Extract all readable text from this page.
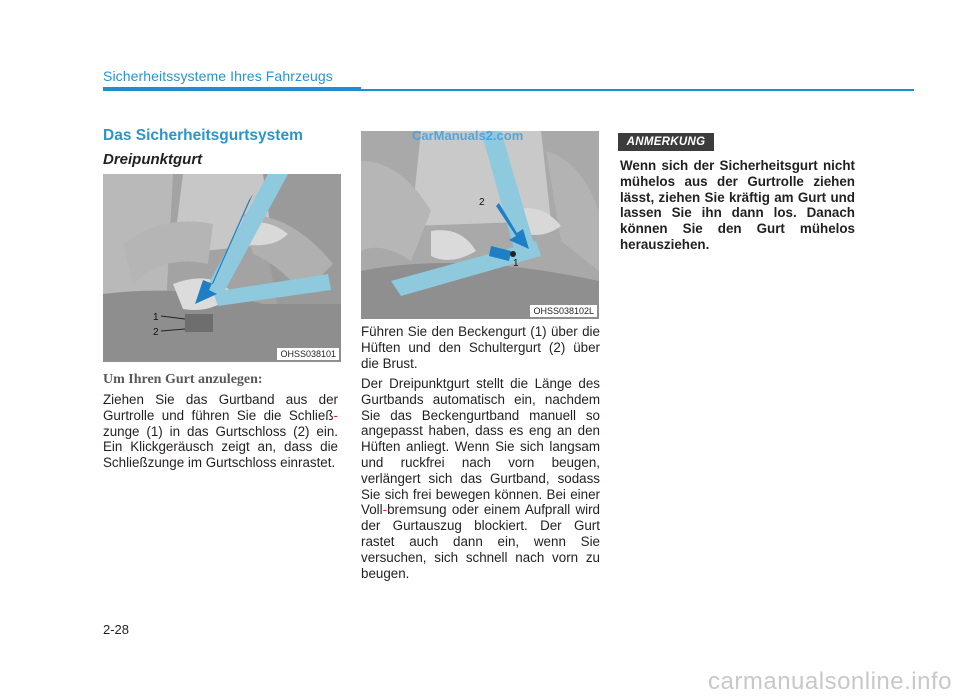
Sicherheitssysteme Ihres Fahrzeugs
Das Sicherheitsgurtsystem
Dreipunktgurt
1
2
OHSS038101
Um Ihren Gurt anzulegen:
Ziehen Sie das Gurtband aus der Gurtrolle und führen Sie die Schließ-zunge (1) in das Gurtschloss (2) ein. Ein Klickgeräusch zeigt an, dass die Schließzunge im Gurtschloss einrastet.
2
1
OHSS038102L
CarManuals2.com
Führen Sie den Beckengurt (1) über die Hüften und den Schultergurt (2) über die Brust.
Der Dreipunktgurt stellt die Länge des Gurtbands automatisch ein, nachdem Sie das Beckengurtband manuell so angepasst haben, dass es eng an den Hüften anliegt. Wenn Sie sich langsam und ruckfrei nach vorn beugen, verlängert sich das Gurtband, sodass Sie sich frei bewegen können. Bei einer Voll-bremsung oder einem Aufprall wird der Gurtauszug blockiert. Der Gurt rastet auch dann ein, wenn Sie versuchen, sich schnell nach vorn zu beugen.
ANMERKUNG
Wenn sich der Sicherheitsgurt nicht mühelos aus der Gurtrolle ziehen lässt, ziehen Sie kräftig am Gurt und lassen Sie ihn dann los. Danach können Sie den Gurt mühelos herausziehen.
2-28
carmanualsonline.info
